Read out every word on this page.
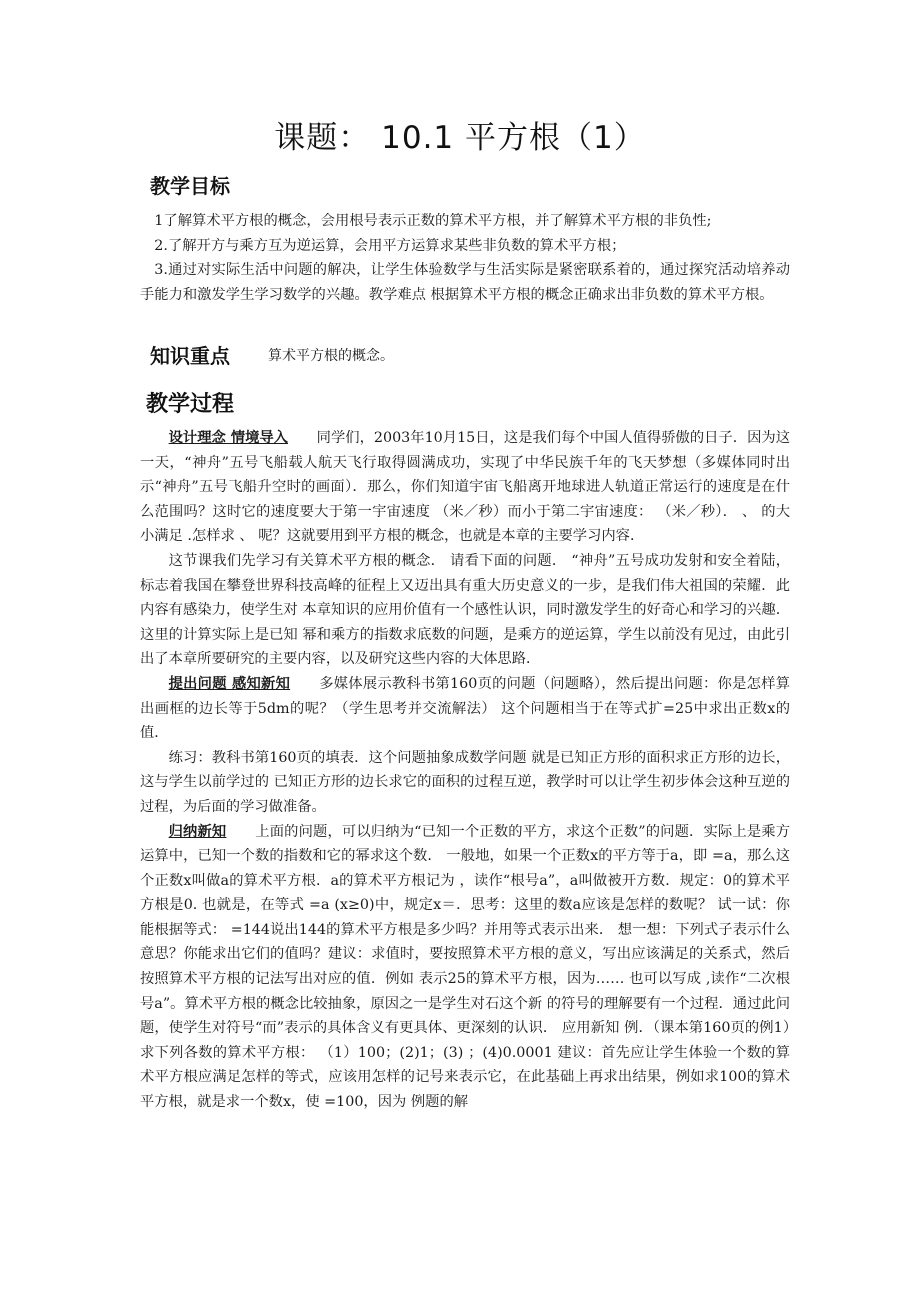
课题： 10.1 平方根（1）
教学目标

1了解算术平方根的概念，会用根号表示正数的算术平方根，并了解算术平方根的非负性;

2.了解开方与乘方互为逆运算，会用平方运算求某些非负数的算术平方根；

3.通过对实际生活中问题的解决，让学生体验数学与生活实际是紧密联系着的，通过探究活动培养动手能力和激发学生学习数学的兴趣。教学难点 根据算术平方根的概念正确求出非负数的算术平方根。

知识重点	算术平方根的概念。
教学过程

设计理念 情境导入　　 同学们，2003年10月15日，这是我们每个中国人值得骄傲的日子．因为这一天，“神舟”五号飞船载人航天飞行取得圆满成功，实现了中华民族千年的飞天梦想（多媒体同时出示“神舟”五号飞船升空时的画面）．那么，你们知道宇宙飞船离开地球进人轨道正常运行的速度是在什么范围吗？这时它的速度要大于第一宇宙速度 （米／秒）而小于第二宇宙速度： （米／秒）． 、 的大小满足 .怎样求 、 呢？这就要用到平方根的概念，也就是本章的主要学习内容．

这节课我们先学习有关算术平方根的概念． 请看下面的问题． “神舟”五号成功发射和安全着陆，标志着我国在攀登世界科技高峰的征程上又迈出具有重大历史意义的一步，是我们伟大祖国的荣耀．此内容有感染力，使学生对 本章知识的应用价值有一个感性认识，同时激发学生的好奇心和学习的兴趣．这里的计算实际上是已知 幂和乘方的指数求底数的问题，是乘方的逆运算，学生以前没有见过，由此引出了本章所要研究的主要内容，以及研究这些内容的大体思路．

提出问题 感知新知　　 多媒体展示教科书第160页的问题（问题略），然后提出问题：你是怎样算出画框的边长等于5dm的呢？（学生思考并交流解法） 这个问题相当于在等式扩=25中求出正数x的值．

练习：教科书第160页的填表．这个问题抽象成数学问题 就是已知正方形的面积求正方形的边长，这与学生以前学过的 已知正方形的边长求它的面积的过程互逆，教学时可以让学生初步体会这种互逆的过程，为后面的学习做准备。

归纳新知　　 上面的问题，可以归纳为“已知一个正数的平方，求这个正数”的问题．实际上是乘方运算中，已知一个数的指数和它的幂求这个数． 一般地，如果一个正数x的平方等于a，即 =a，那么这个正数x叫做a的算术平方根．a的算术平方根记为 ，读作“根号a”，a叫做被开方数．规定：0的算术平方根是0. 也就是，在等式 =a (x≥0)中，规定x＝．思考：这里的数a应该是怎样的数呢？ 试一试：你能根据等式： =144说出144的算术平方根是多少吗？并用等式表示出来． 想一想：下列式子表示什么意思？你能求出它们的值吗？建议：求值时，要按照算术平方根的意义，写出应该满足的关系式，然后按照算术平方根的记法写出对应的值．例如 表示25的算术平方根，因为…… 也可以写成 ,读作“二次根号a”。算术平方根的概念比较抽象，原因之一是学生对石这个新 的符号的理解要有一个过程．通过此问题，使学生对符号“而”表示的具体含义有更具体、更深刻的认识． 应用新知 例．（课本第160页的例1）求下列各数的算术平方根： （1）100；(2)1；(3) ；(4)0.0001 建议：首先应让学生体验一个数的算术平方根应满足怎样的等式，应该用怎样的记号来表示它，在此基础上再求出结果，例如求100的算术平方根，就是求一个数x，使 =100，因为 例题的解
